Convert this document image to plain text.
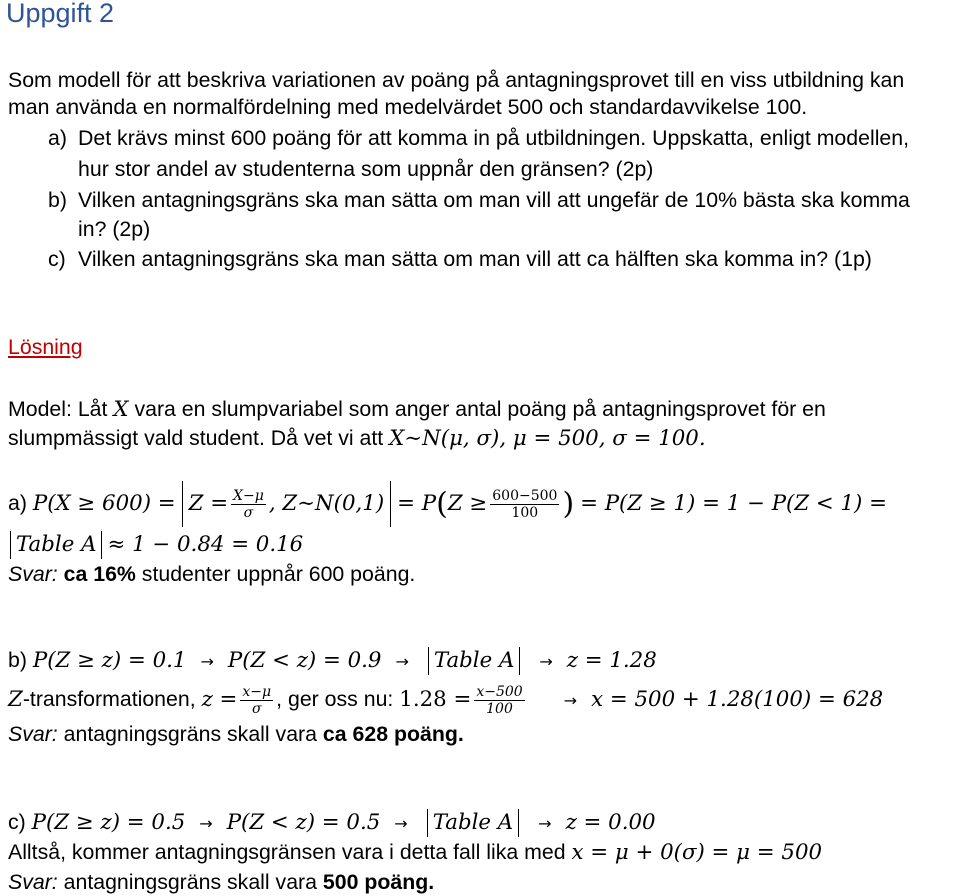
Uppgift 2
Som modell för att beskriva variationen av poäng på antagningsprovet till en viss utbildning kan
man använda en normalfördelning med medelvärdet 500 och standardavvikelse 100.
a) Det krävs minst 600 poäng för att komma in på utbildningen. Uppskatta, enligt modellen,
hur stor andel av studenterna som uppnår den gränsen? (2p)
b) Vilken antagningsgräns ska man sätta om man vill att ungefär de 10% bästa ska komma
in? (2p)
c) Vilken antagningsgräns ska man sätta om man vill att ca hälften ska komma in? (1p)
Lösning
Model: Låt X vara en slumpvariabel som anger antal poäng på antagningsprovet för en
slumpmässigt vald student. Då vet vi att X∼N(μ, σ), μ = 500, σ = 100.
a) $P(X \ge 600) = Z = \frac{X-\mu}{\sigma}$ , Z∼N(0,1) = $P(Z \ge \frac{600-500}{100}$ ) = P(Z ≥ 1) = 1 − P(Z < 1) =
Table A ≈ 1 − 0.84 = 0.16
Svar: ca 16% studenter uppnår 600 poäng.
b) P(Z ≥ z) = 0.1 → P(Z < z) = 0.9 → Table A → z = 1.28
Z-transformationen, $z = \frac{x-\mu}{\sigma}$ , ger oss nu: $1.28 = \frac{x-500}{100} \to x = 500 + 1.28(100) = 628$
Svar: antagningsgräns skall vara ca 628 poäng.
c) P(Z ≥ z) = 0.5 → P(Z < z) = 0.5 → Table A → z = 0.00
Alltså, kommer antagningsgränsen vara i detta fall lika med x = μ + 0(σ) = μ = 500
Svar: antagningsgräns skall vara 500 poäng.
